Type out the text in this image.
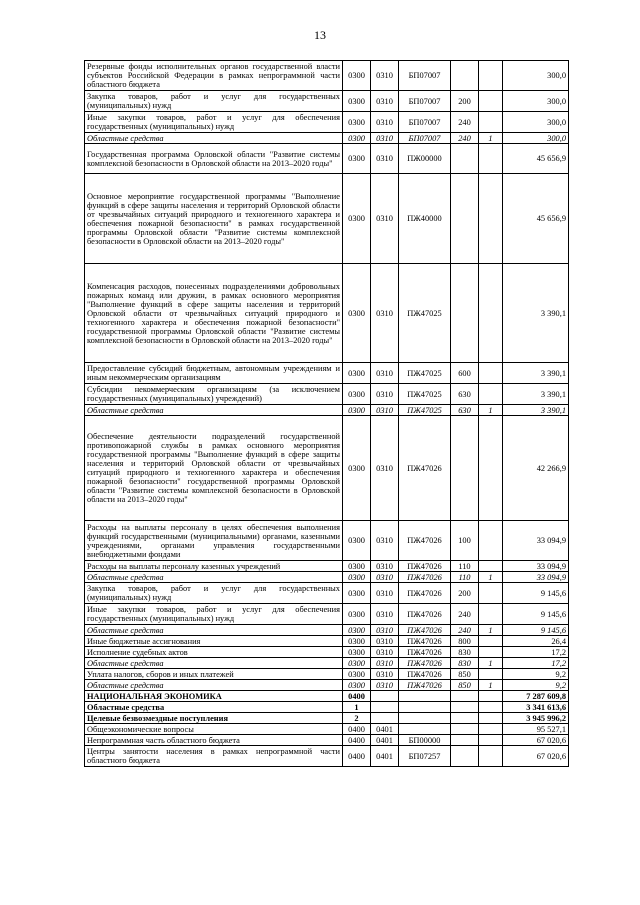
13
Резервные фонды исполнительных органов государственной власти субъектов Российской Федерации в рамках непрограммной части областного бюджета	0300	0310	БП07007			300,0
Закупка товаров, работ и услуг для государственных (муниципальных) нужд	0300	0310	БП07007	200		300,0
Иные закупки товаров, работ и услуг для обеспечения государственных (муниципальных) нужд	0300	0310	БП07007	240		300,0
Областные средства	0300	0310	БП07007	240	1	300,0
Государственная программа Орловской области "Развитие системы комплексной безопасности в Орловской области на 2013–2020 годы"	0300	0310	ПЖ00000			45 656,9
Основное мероприятие государственной программы "Выполнение функций в сфере защиты населения и территорий Орловской области от чрезвычайных ситуаций природного и техногенного характера и обеспечения пожарной безопасности" в рамках государственной программы Орловской области "Развитие системы комплексной безопасности в Орловской области на 2013–2020 годы"	0300	0310	ПЖ40000			45 656,9
Компенсация расходов, понесенных подразделениями добровольных пожарных команд или дружин, в рамках основного мероприятия "Выполнение функций в сфере защиты населения и территорий Орловской области от чрезвычайных ситуаций природного и техногенного характера и обеспечения пожарной безопасности" государственной программы Орловской области "Развитие системы комплексной безопасности в Орловской области на 2013–2020 годы"	0300	0310	ПЖ47025			3 390,1
Предоставление субсидий бюджетным, автономным учреждениям и иным некоммерческим организациям	0300	0310	ПЖ47025	600		3 390,1
Субсидии некоммерческим организациям (за исключением государственных (муниципальных) учреждений)	0300	0310	ПЖ47025	630		3 390,1
Областные средства	0300	0310	ПЖ47025	630	1	3 390,1
Обеспечение деятельности подразделений государственной противопожарной службы в рамках основного мероприятия государственной программы "Выполнение функций в сфере защиты населения и территорий Орловской области от чрезвычайных ситуаций природного и техногенного характера и обеспечения пожарной безопасности" государственной программы Орловской области "Развитие системы комплексной безопасности в Орловской области на 2013–2020 годы"	0300	0310	ПЖ47026			42 266,9
Расходы на выплаты персоналу в целях обеспечения выполнения функций государственными (муниципальными) органами, казенными учреждениями, органами управления государственными внебюджетными фондами	0300	0310	ПЖ47026	100		33 094,9
Расходы на выплаты персоналу казенных учреждений	0300	0310	ПЖ47026	110		33 094,9
Областные средства	0300	0310	ПЖ47026	110	1	33 094,9
Закупка товаров, работ и услуг для государственных (муниципальных) нужд	0300	0310	ПЖ47026	200		9 145,6
Иные закупки товаров, работ и услуг для обеспечения государственных (муниципальных) нужд	0300	0310	ПЖ47026	240		9 145,6
Областные средства	0300	0310	ПЖ47026	240	1	9 145,6
Иные бюджетные ассигнования	0300	0310	ПЖ47026	800		26,4
Исполнение судебных актов	0300	0310	ПЖ47026	830		17,2
Областные средства	0300	0310	ПЖ47026	830	1	17,2
Уплата налогов, сборов и иных платежей	0300	0310	ПЖ47026	850		9,2
Областные средства	0300	0310	ПЖ47026	850	1	9,2
НАЦИОНАЛЬНАЯ ЭКОНОМИКА	0400					7 287 609,8
Областные средства	1					3 341 613,6
Целевые безвозмездные поступления	2					3 945 996,2
Общеэкономические вопросы	0400	0401				95 527,1
Непрограммная часть областного бюджета	0400	0401	БП00000			67 020,6
Центры занятости населения в рамках непрограммной части областного бюджета	0400	0401	БП07257			67 020,6
